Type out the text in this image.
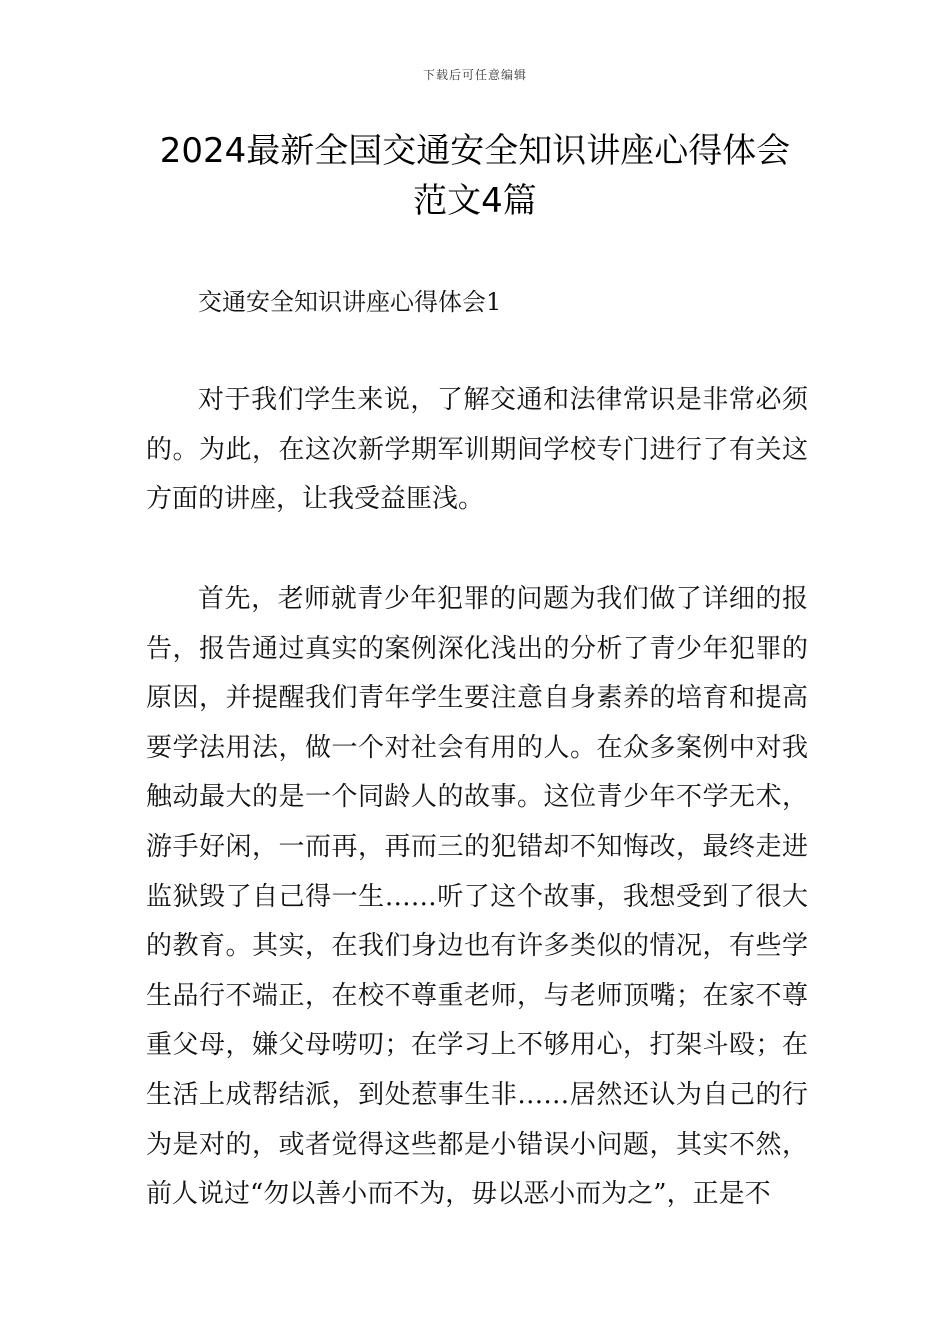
下载后可任意编辑
2024最新全国交通安全知识讲座心得体会
范文4篇
交通安全知识讲座心得体会1

对于我们学生来说，了解交通和法律常识是非常必须的。为此，在这次新学期军训期间学校专门进行了有关这方面的讲座，让我受益匪浅。

首先，老师就青少年犯罪的问题为我们做了详细的报告，报告通过真实的案例深化浅出的分析了青少年犯罪的原因，并提醒我们青年学生要注意自身素养的培育和提高要学法用法，做一个对社会有用的人。在众多案例中对我触动最大的是一个同龄人的故事。这位青少年不学无术，游手好闲，一而再，再而三的犯错却不知悔改，最终走进监狱毁了自己得一生……听了这个故事，我想受到了很大的教育。其实，在我们身边也有许多类似的情况，有些学生品行不端正，在校不尊重老师，与老师顶嘴；在家不尊重父母，嫌父母唠叨；在学习上不够用心，打架斗殴；在生活上成帮结派，到处惹事生非……居然还认为自己的行为是对的，或者觉得这些都是小错误小问题，其实不然，前人说过“勿以善小而不为，毋以恶小而为之”，正是不
